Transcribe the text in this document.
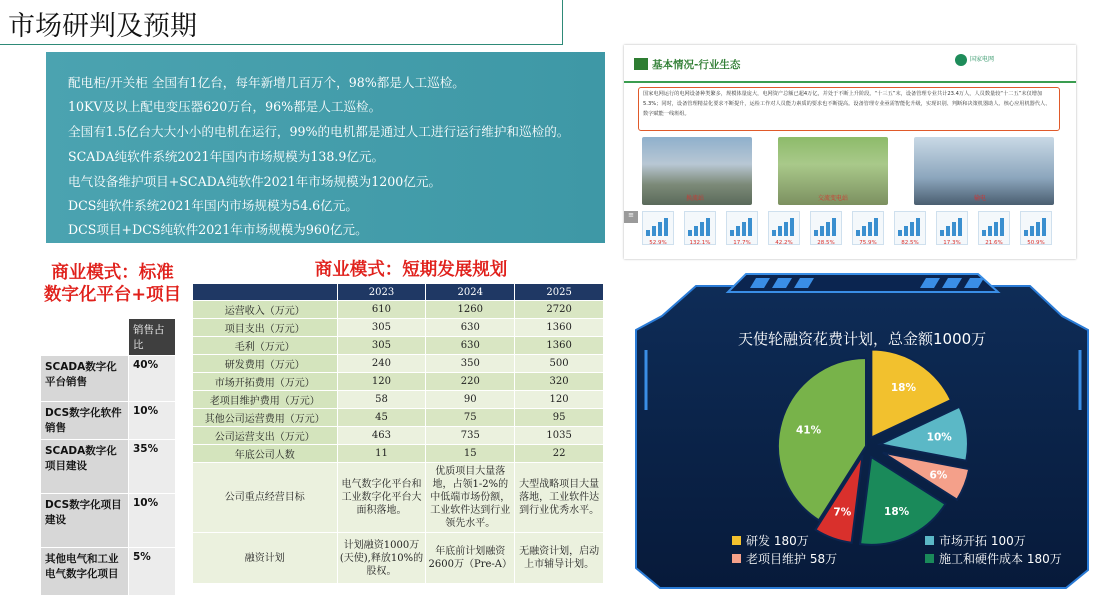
市场研判及预期
配电柜/开关柜 全国有1亿台，每年新增几百万个，98%都是人工巡检。
10KV及以上配电变压器620万台，96%都是人工巡检。
全国有1.5亿台大大小小的电机在运行，99%的电机都是通过人工进行运行维护和巡检的。
SCADA纯软件系统2021年国内市场规模为138.9亿元。
电气设备维护项目+SCADA纯软件2021年市场规模为1200亿元。
DCS纯软件系统2021年国内市场规模为54.6亿元。
DCS项目+DCS纯软件2021年市场规模为960亿元。
商业模式：标准
数字化平台+项目
	销售占比
SCADA数字化平台销售	40%
DCS数字化软件销售	10%
SCADA数字化项目建设	35%
DCS数字化项目建设	10%
其他电气和工业电气数字化项目	5%
商业模式：短期发展规划
	2023	2024	2025
运营收入（万元）	610	1260	2720
项目支出（万元）	305	630	1360
毛利（万元）	305	630	1360
研发费用（万元）	240	350	500
市场开拓费用（万元）	120	220	320
老项目维护费用（万元）	58	90	120
其他公司运营费用（万元）	45	75	95
公司运营支出（万元）	463	735	1035
年底公司人数	11	15	22
公司重点经营目标	电气数字化平台和工业数字化平台大面积落地。	优质项目大量落地，占领1-2%的中低端市场份额，工业软件达到行业领先水平。	大型战略项目大量落地，工业软件达到行业优秀水平。
融资计划	计划融资1000万(天使),释放10%的股权。	年底前计划融资2600万（Pre-A）	无融资计划，启动上市辅导计划。
基本情况-行业生态	国家电网
国家电网运行的电网设备种类繁多，规模体量庞大，电网资产总额已超4万亿，并处于不断上升阶段。“十三五”末，设备管理专业共计23.4万人，人员数量较“十二五”末仅增加5.3%；同时，设备管理精益化要求不断提升，运检工作对人员能力素质的要求也不断提高。设备管理专业亟需智能化升级，实现识别、判断和决策机器助人、核心应用机器代人、数字赋能一线班组。
换流站	交流变电站	输电
≡
52.9%	132.1%	17.7%	42.2%	28.5%	75.9%	82.5%	17.3%	21.6%	50.9%
18%
10%
6%
18%
7%
41%
天使轮融资花费计划，总金额1000万
研发 180万	市场开拓 100万
老项目维护 58万	施工和硬件成本 180万
